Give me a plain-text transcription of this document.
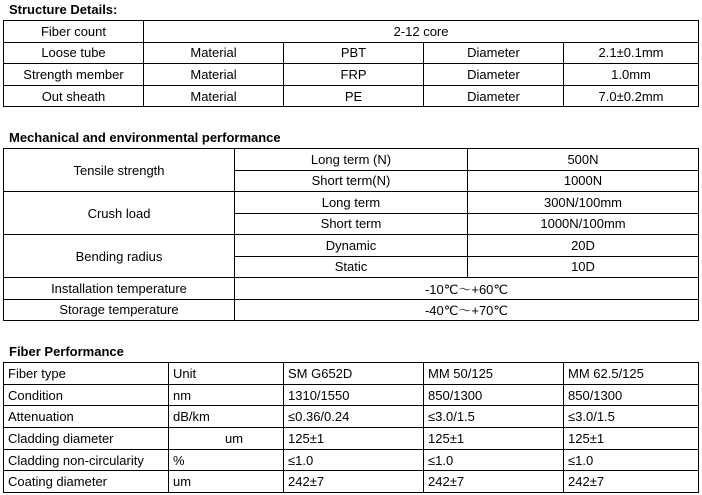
Structure Details:
Fiber count	2-12 core			
Loose tube	Material	PBT	Diameter	2.1±0.1mm
Strength member	Material	FRP	Diameter	1.0mm
Out sheath	Material	PE	Diameter	7.0±0.2mm
Mechanical and environmental performance
Tensile strength	Long term (N)	500N
	Short term(N)	1000N
Crush load	Long term	300N/100mm
	Short term	1000N/100mm
Bending radius	Dynamic	20D
	Static	10D
Installation temperature	-10℃～+60℃	
Storage temperature	-40℃～+70℃	
Fiber Performance
Fiber type	Unit	SM G652D	MM 50/125	MM 62.5/125
Condition	nm	1310/1550	850/1300	850/1300
Attenuation	dB/km	≤0.36/0.24	≤3.0/1.5	≤3.0/1.5
Cladding diameter	um	125±1	125±1	125±1
Cladding non-circularity	%	≤1.0	≤1.0	≤1.0
Coating diameter	um	242±7	242±7	242±7
